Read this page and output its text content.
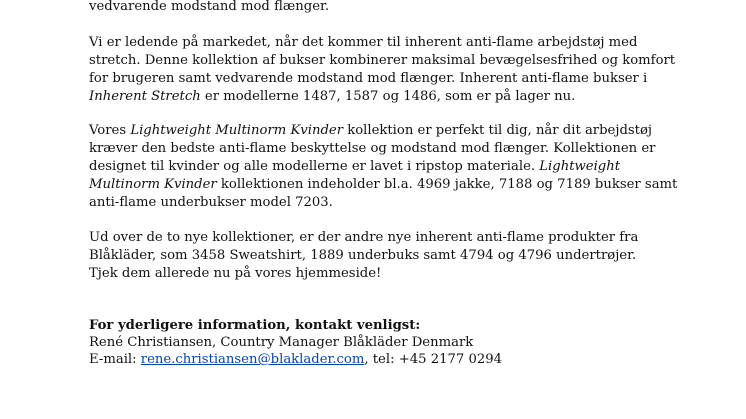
vedvarende modstand mod flænger.
Vi er ledende på markedet, når det kommer til inherent anti-flame arbejdstøj med
stretch. Denne kollektion af bukser kombinerer maksimal bevægelsesfrihed og komfort
for brugeren samt vedvarende modstand mod flænger. Inherent anti-flame bukser i
Inherent Stretch er modellerne 1487, 1587 og 1486, som er på lager nu.
Vores Lightweight Multinorm Kvinder kollektion er perfekt til dig, når dit arbejdstøj
kræver den bedste anti-flame beskyttelse og modstand mod flænger. Kollektionen er
designet til kvinder og alle modellerne er lavet i ripstop materiale. Lightweight
Multinorm Kvinder kollektionen indeholder bl.a. 4969 jakke, 7188 og 7189 bukser samt
anti-flame underbukser model 7203.
Ud over de to nye kollektioner, er der andre nye inherent anti-flame produkter fra
Blåkläder, som 3458 Sweatshirt, 1889 underbuks samt 4794 og 4796 undertrøjer.
Tjek dem allerede nu på vores hjemmeside!
For yderligere information, kontakt venligst:
René Christiansen, Country Manager Blåkläder Denmark
E-mail: rene.christiansen@blaklader.com, tel: +45 2177 0294
